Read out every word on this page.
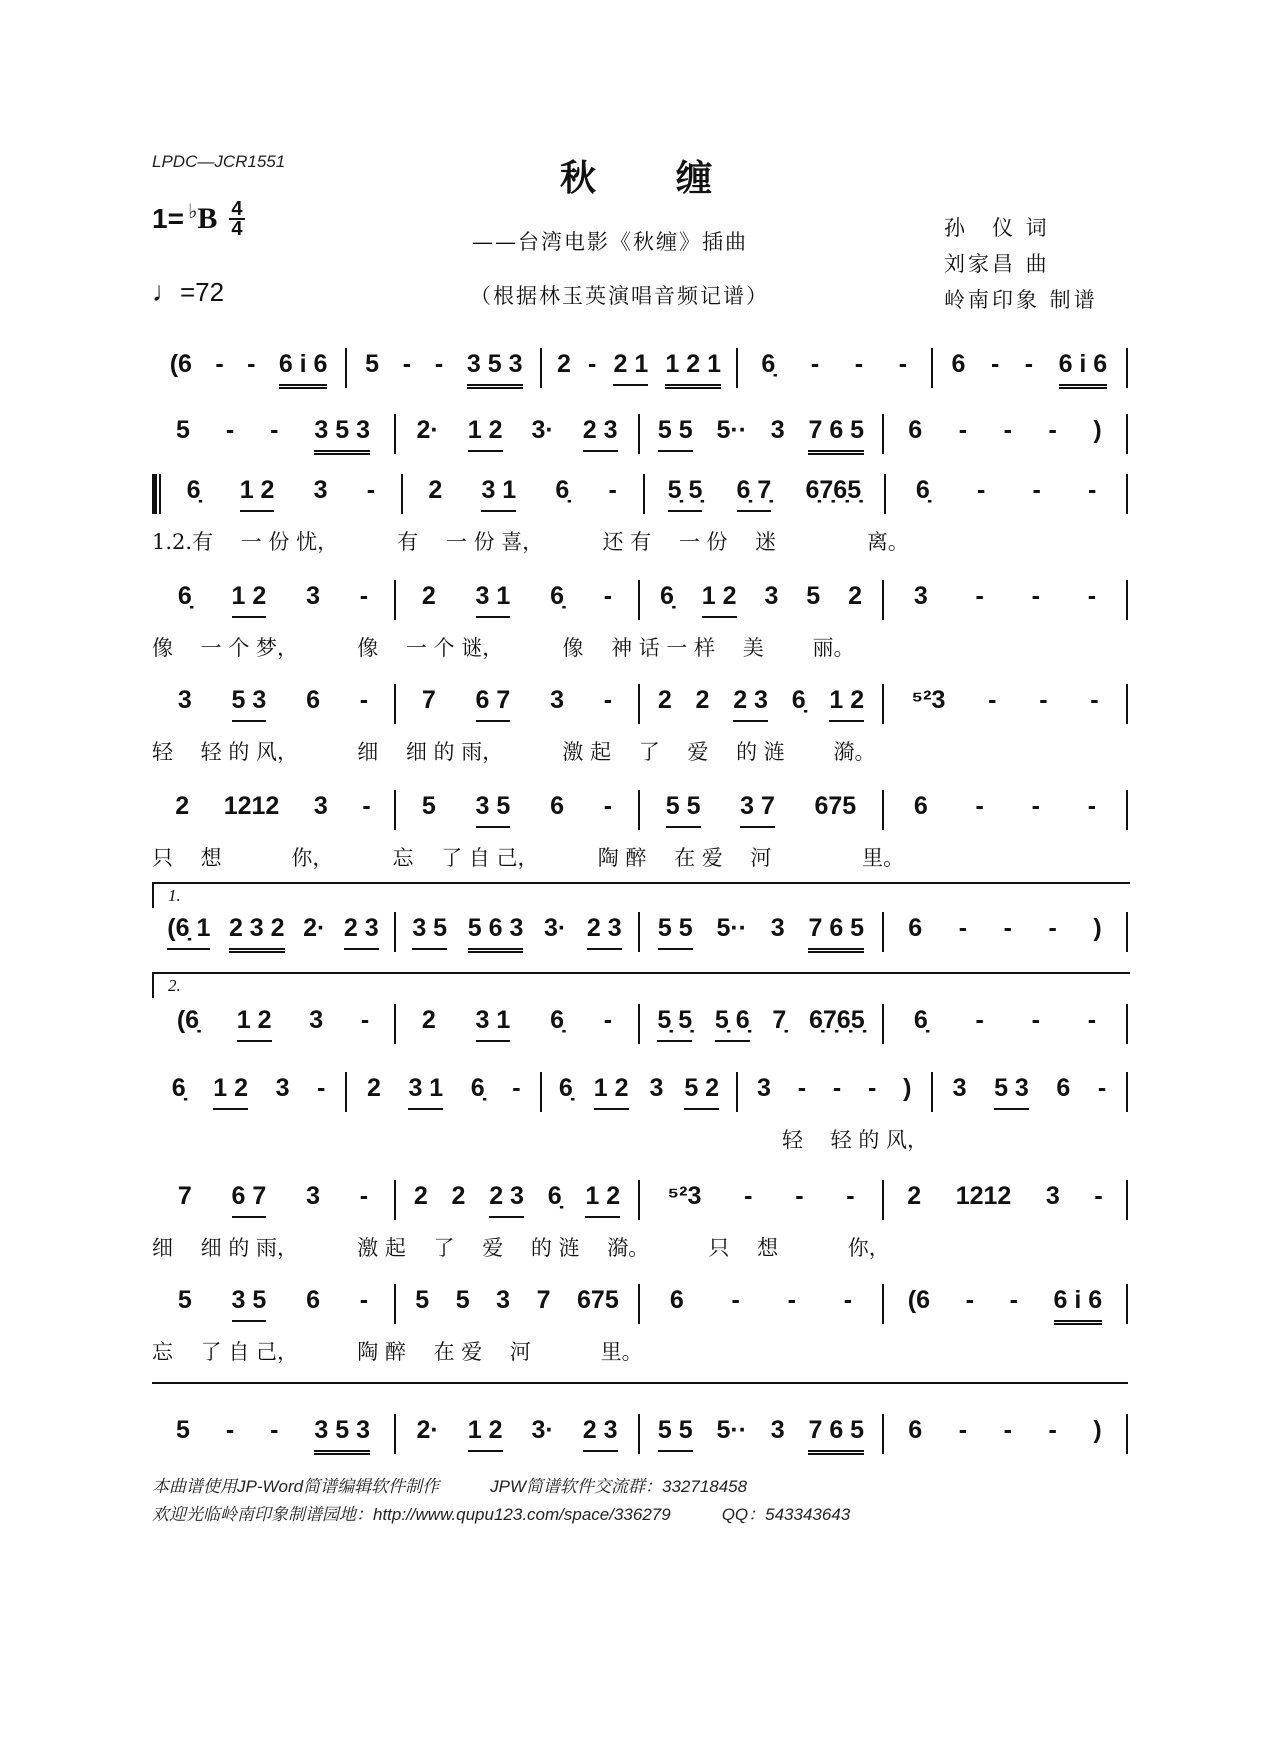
LPDC—JCR1551	秋缠
1= ♭ B $\frac{4}{4}$
♩=72
——台湾电影《秋缠》插曲
（根据林玉英演唱音频记谱）
孙　仪 词
刘家昌 曲
岭南印象 制谱
(6 - - 6 i 6 5 - - 3 5 3 2 - 2 1 1 2 1 6̣ - - - 6 - - 6 i 6
5 - - 3 5 3 2· 1 2 3· 2 3 5 5 5·· 3 7 6 5 6 - - - )
6̣ 1 2 3 - 2 3 1 6̣ - 5̣ 5̣ 6̣ 7̣ 6̣7̣6̣5̣ 6̣ - - -
1.2.有　 一 份 忧，　　　 有　 一 份 喜，　　　 还 有　 一 份　 迷　　　　 离。
6̣ 1 2 3 - 2 3 1 6̣ - 6̣ 1 2 3 5 2 3 - - -
像　 一 个 梦，　　　 像　 一 个 谜，　　　 像　 神 话 一 样　 美　　 丽。
3 5 3 6 - 7 6 7 3 - 2 2 2 3 6̣ 1 2 ⁵²3 - - -
轻　 轻 的 风，　　　 细　 细 的 雨，　　　 激 起　 了　 爱　 的 涟　　 漪。
2 1212 3 - 5 3 5 6 - 5 5 3 7 675 6 - - -
只　 想　　　 你，　　　 忘　 了 自 己，　　　 陶 醉　 在 爱　 河　　　　 里。
(6̣ 1 2 3 2 2· 2 3 3 5 5 6 3 3· 2 3 5 5 5·· 3 7 6 5 6 - - - )
1.
(6̣ 1 2 3 - 2 3 1 6̣ - 5̣ 5̣ 5̣ 6̣ 7̣ 6̣7̣6̣5̣ 6̣ - - -
2.
6̣ 1 2 3 - 2 3 1 6̣ - 6̣ 1 2 3 5 2 3 - - - ) 3 5 3 6 -
　　　　　　　　　　　　　　　　　　　　　　　　　　　　　　轻　 轻 的 风，
7 6 7 3 - 2 2 2 3 6̣ 1 2 ⁵²3 - - - 2 1212 3 -
细　 细 的 雨，　　　 激 起　 了　 爱　 的 涟　 漪。　　　 只　 想　　　 你，
5 3 5 6 - 5 5 3 7 675 6 - - - (6 - - 6 i 6
忘　 了 自 己，　　　 陶 醉　 在 爱　 河　　　 里。
5 - - 3 5 3 2· 1 2 3· 2 3 5 5 5·· 3 7 6 5 6 - - - )
本曲谱使用JP-Word简谱编辑软件制作　　　JPW简谱软件交流群：332718458
欢迎光临岭南印象制谱园地：http://www.qupu123.com/space/336279　　　QQ：543343643
